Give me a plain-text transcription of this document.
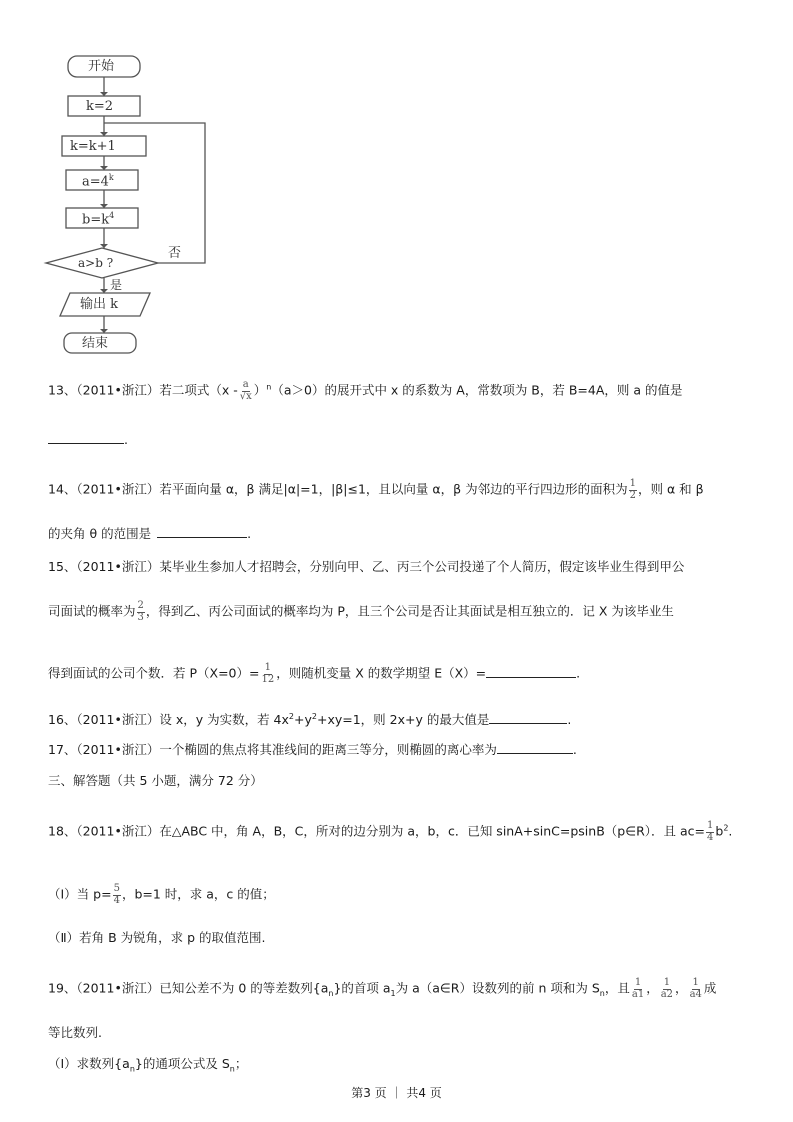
开始
k=2
k=k+1
$a=4^k$
$b=k^4$
a>b ?
否
是
输出 k
结束
13、（2011•浙江）若二项式$(x - \frac{a}{√x} )^n(a>0)$的展开式中 x 的系数为 A，常数项为 B，若 B=4A，则 a 的值是
.
14、（2011•浙江）若平面向量 α，β 满足|α|=1，|β|≤1，且以向量 α，β 为邻边的平行四边形的面积为 $\frac{1}{2}$ ，则 α 和 β
的夹角 θ 的范围是	.
15、（2011•浙江）某毕业生参加人才招聘会，分别向甲、乙、丙三个公司投递了个人简历，假定该毕业生得到甲公
司面试的概率为 $\frac{2}{3}$ ，得到乙、丙公司面试的概率均为 P，且三个公司是否让其面试是相互独立的．记 X 为该毕业生
得到面试的公司个数．若 $P(X=0)= \frac{1}{12}$ ，则随机变量 X 的数学期望 E（X）=	.
16、（2011•浙江）设 x，y 为实数，若 $4x^2+y^2+xy=1$，则 2x+y 的最大值是	.
17、（2011•浙江）一个椭圆的焦点将其准线间的距离三等分，则椭圆的离心率为	.
三、解答题（共 5 小题，满分 72 分）
18、（2011•浙江）在△ABC 中，角 A，B，C，所对的边分别为 a，b，c．已知 sinA+sinC=psinB（p∈R）．且 $ac= \frac{1}{4} b^2$.
（Ⅰ）当 $p= \frac{5}{4}$ ，b=1 时，求 a，c 的值；
（Ⅱ）若角 B 为锐角，求 p 的取值范围.
19、（2011•浙江）已知公差不为 0 的等差数列$\{a_n\}$的首项 $a_1$为 a（a∈R）设数列的前 n 项和为 $S_n$，且 $\frac{1}{a1}$ ， $\frac{1}{a2}$ ， $\frac{1}{a4}$ 成
等比数列.
（Ⅰ）求数列$\{a_n\}$的通项公式及 $S_n$；
第3 页 ｜ 共4 页
